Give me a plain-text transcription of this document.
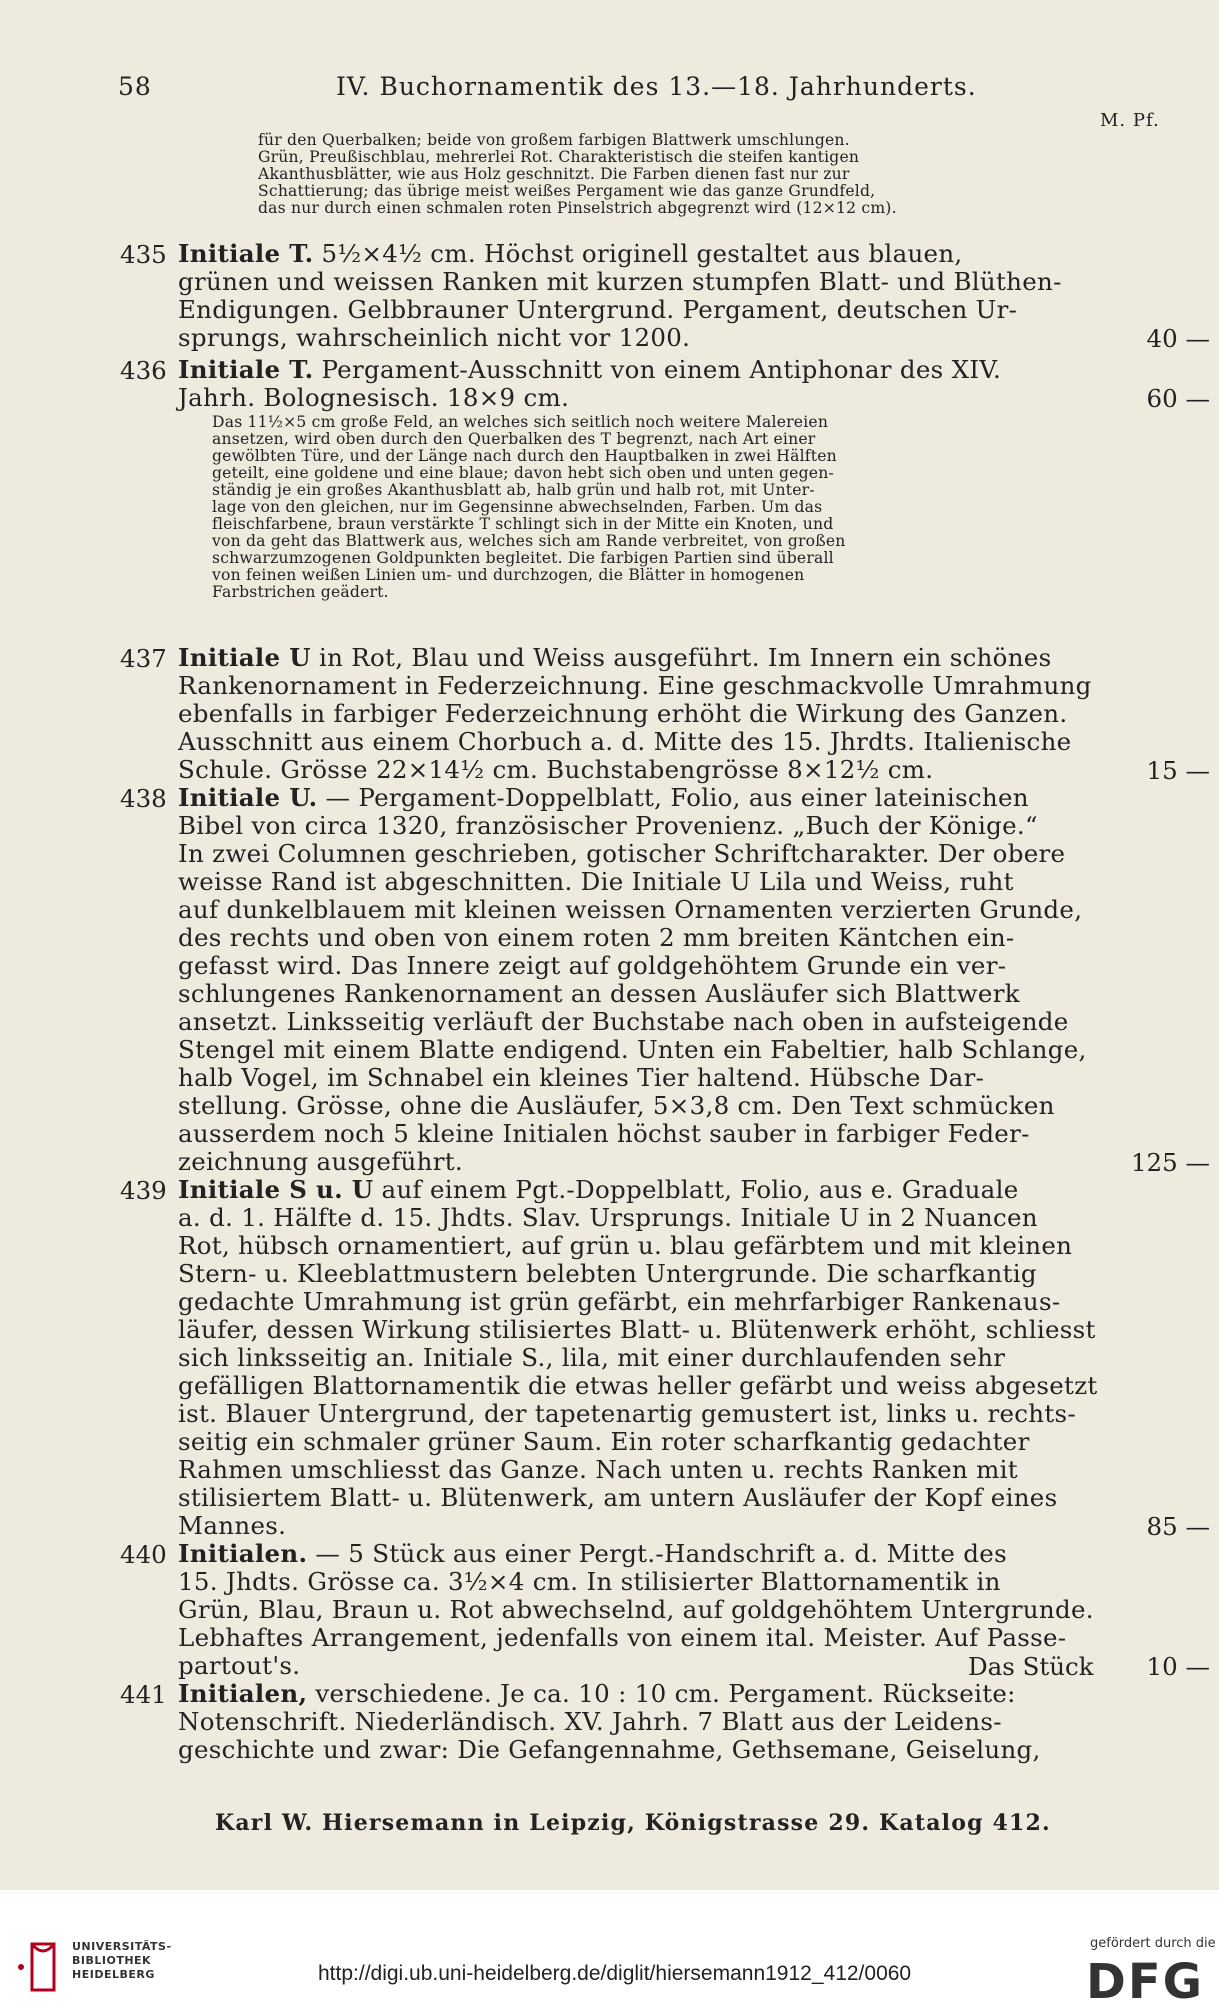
58	IV. Buchornamentik des 13.—18. Jahrhunderts.
M. Pf.
für den Querbalken; beide von großem farbigen Blattwerk umschlungen.
Grün, Preußischblau, mehrerlei Rot. Charakteristisch die steifen kantigen
Akanthusblätter, wie aus Holz geschnitzt. Die Farben dienen fast nur zur
Schattierung; das übrige meist weißes Pergament wie das ganze Grundfeld,
das nur durch einen schmalen roten Pinselstrich abgegrenzt wird (12×12 cm).
435 Initiale T. 5½×4½ cm. Höchst originell gestaltet aus blauen,
grünen und weissen Ranken mit kurzen stumpfen Blatt- und Blüthen-
Endigungen. Gelbbrauner Untergrund. Pergament, deutschen Ur-
sprungs, wahrscheinlich nicht vor 1200.	40 —
436 Initiale T. Pergament-Ausschnitt von einem Antiphonar des XIV.
Jahrh. Bolognesisch. 18×9 cm.	60 —
Das 11½×5 cm große Feld, an welches sich seitlich noch weitere Malereien
ansetzen, wird oben durch den Querbalken des T begrenzt, nach Art einer
gewölbten Türe, und der Länge nach durch den Hauptbalken in zwei Hälften
geteilt, eine goldene und eine blaue; davon hebt sich oben und unten gegen-
ständig je ein großes Akanthusblatt ab, halb grün und halb rot, mit Unter-
lage von den gleichen, nur im Gegensinne abwechselnden, Farben. Um das
fleischfarbene, braun verstärkte T schlingt sich in der Mitte ein Knoten, und
von da geht das Blattwerk aus, welches sich am Rande verbreitet, von großen
schwarzumzogenen Goldpunkten begleitet. Die farbigen Partien sind überall
von feinen weißen Linien um- und durchzogen, die Blätter in homogenen
Farbstrichen geädert.
437 Initiale U in Rot, Blau und Weiss ausgeführt. Im Innern ein schönes
Rankenornament in Federzeichnung. Eine geschmackvolle Umrahmung
ebenfalls in farbiger Federzeichnung erhöht die Wirkung des Ganzen.
Ausschnitt aus einem Chorbuch a. d. Mitte des 15. Jhrdts. Italienische
Schule. Grösse 22×14½ cm. Buchstabengrösse 8×12½ cm.	15 —
438 Initiale U. — Pergament-Doppelblatt, Folio, aus einer lateinischen
Bibel von circa 1320, französischer Provenienz. „Buch der Könige.“
In zwei Columnen geschrieben, gotischer Schriftcharakter. Der obere
weisse Rand ist abgeschnitten. Die Initiale U Lila und Weiss, ruht
auf dunkelblauem mit kleinen weissen Ornamenten verzierten Grunde,
des rechts und oben von einem roten 2 mm breiten Käntchen ein-
gefasst wird. Das Innere zeigt auf goldgehöhtem Grunde ein ver-
schlungenes Rankenornament an dessen Ausläufer sich Blattwerk
ansetzt. Linksseitig verläuft der Buchstabe nach oben in aufsteigende
Stengel mit einem Blatte endigend. Unten ein Fabeltier, halb Schlange,
halb Vogel, im Schnabel ein kleines Tier haltend. Hübsche Dar-
stellung. Grösse, ohne die Ausläufer, 5×3,8 cm. Den Text schmücken
ausserdem noch 5 kleine Initialen höchst sauber in farbiger Feder-
zeichnung ausgeführt.	125 —
439 Initiale S u. U auf einem Pgt.-Doppelblatt, Folio, aus e. Graduale
a. d. 1. Hälfte d. 15. Jhdts. Slav. Ursprungs. Initiale U in 2 Nuancen
Rot, hübsch ornamentiert, auf grün u. blau gefärbtem und mit kleinen
Stern- u. Kleeblattmustern belebten Untergrunde. Die scharfkantig
gedachte Umrahmung ist grün gefärbt, ein mehrfarbiger Rankenaus-
läufer, dessen Wirkung stilisiertes Blatt- u. Blütenwerk erhöht, schliesst
sich linksseitig an. Initiale S., lila, mit einer durchlaufenden sehr
gefälligen Blattornamentik die etwas heller gefärbt und weiss abgesetzt
ist. Blauer Untergrund, der tapetenartig gemustert ist, links u. rechts-
seitig ein schmaler grüner Saum. Ein roter scharfkantig gedachter
Rahmen umschliesst das Ganze. Nach unten u. rechts Ranken mit
stilisiertem Blatt- u. Blütenwerk, am untern Ausläufer der Kopf eines
Mannes.	85 —
440 Initialen. — 5 Stück aus einer Pergt.-Handschrift a. d. Mitte des
15. Jhdts. Grösse ca. 3½×4 cm. In stilisierter Blattornamentik in
Grün, Blau, Braun u. Rot abwechselnd, auf goldgehöhtem Untergrunde.
Lebhaftes Arrangement, jedenfalls von einem ital. Meister. Auf Passe-
partout's.	Das Stück	10 —
441 Initialen, verschiedene. Je ca. 10 : 10 cm. Pergament. Rückseite:
Notenschrift. Niederländisch. XV. Jahrh. 7 Blatt aus der Leidens-
geschichte und zwar: Die Gefangennahme, Gethsemane, Geiselung,
Karl W. Hiersemann in Leipzig, Königstrasse 29. Katalog 412.
UNIVERSITÄTS-
BIBLIOTHEK
HEIDELBERG	http://digi.ub.uni-heidelberg.de/diglit/hiersemann1912_412/0060
gefördert durch die
DFG
